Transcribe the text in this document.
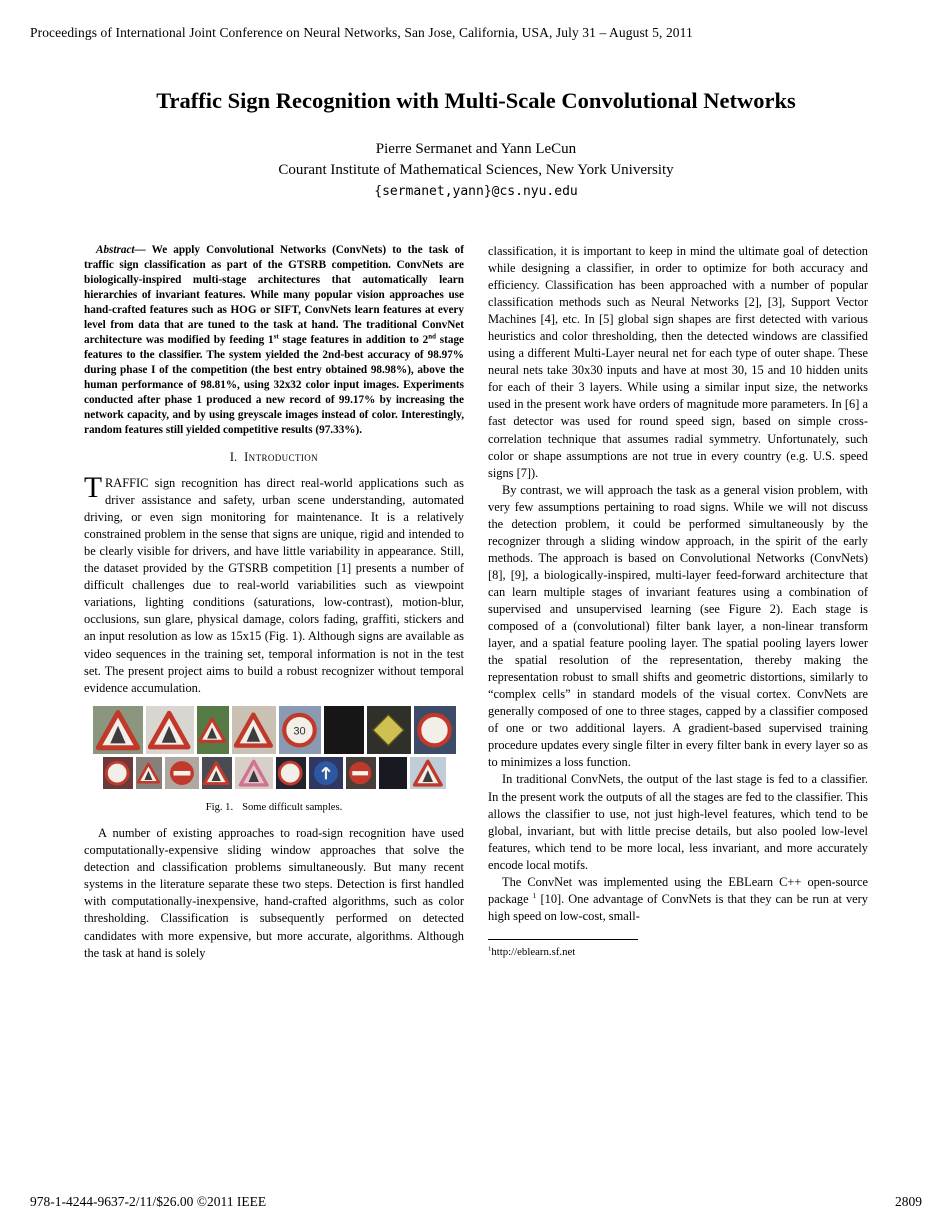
Proceedings of International Joint Conference on Neural Networks, San Jose, California, USA, July 31 – August 5, 2011
Traffic Sign Recognition with Multi-Scale Convolutional Networks
Pierre Sermanet and Yann LeCun
Courant Institute of Mathematical Sciences, New York University
{sermanet,yann}@cs.nyu.edu

Abstract— We apply Convolutional Networks (ConvNets) to the task of traffic sign classification as part of the GTSRB competition. ConvNets are biologically-inspired multi-stage architectures that automatically learn hierarchies of invariant features. While many popular vision approaches use hand-crafted features such as HOG or SIFT, ConvNets learn features at every level from data that are tuned to the task at hand. The traditional ConvNet architecture was modified by feeding 1st stage features in addition to 2nd stage features to the classifier. The system yielded the 2nd-best accuracy of 98.97% during phase I of the competition (the best entry obtained 98.98%), above the human performance of 98.81%, using 32x32 color input images. Experiments conducted after phase 1 produced a new record of 99.17% by increasing the network capacity, and by using greyscale images instead of color. Interestingly, random features still yielded competitive results (97.33%).

I. Introduction

TRAFFIC sign recognition has direct real-world applications such as driver assistance and safety, urban scene understanding, automated driving, or even sign monitoring for maintenance. It is a relatively constrained problem in the sense that signs are unique, rigid and intended to be clearly visible for drivers, and have little variability in appearance. Still, the dataset provided by the GTSRB competition [1] presents a number of difficult challenges due to real-world variabilities such as viewpoint variations, lighting conditions (saturations, low-contrast), motion-blur, occlusions, sun glare, physical damage, colors fading, graffiti, stickers and an input resolution as low as 15x15 (Fig. 1). Although signs are available as video sequences in the training set, temporal information is not in the test set. The present project aims to build a robust recognizer without temporal evidence accumulation.

30
Fig. 1. Some difficult samples.

A number of existing approaches to road-sign recognition have used computationally-expensive sliding window approaches that solve the detection and classification problems simultaneously. But many recent systems in the literature separate these two steps. Detection is first handled with computationally-inexpensive, hand-crafted algorithms, such as color thresholding. Classification is subsequently performed on detected candidates with more expensive, but more accurate, algorithms. Although the task at hand is solely

classification, it is important to keep in mind the ultimate goal of detection while designing a classifier, in order to optimize for both accuracy and efficiency. Classification has been approached with a number of popular classification methods such as Neural Networks [2], [3], Support Vector Machines [4], etc. In [5] global sign shapes are first detected with various heuristics and color thresholding, then the detected windows are classified using a different Multi-Layer neural net for each type of outer shape. These neural nets take 30x30 inputs and have at most 30, 15 and 10 hidden units for each of their 3 layers. While using a similar input size, the networks used in the present work have orders of magnitude more parameters. In [6] a fast detector was used for round speed sign, based on simple cross-correlation technique that assumes radial symmetry. Unfortunately, such color or shape assumptions are not true in every country (e.g. U.S. speed signs [7]).

By contrast, we will approach the task as a general vision problem, with very few assumptions pertaining to road signs. While we will not discuss the detection problem, it could be performed simultaneously by the recognizer through a sliding window approach, in the spirit of the early methods. The approach is based on Convolutional Networks (ConvNets) [8], [9], a biologically-inspired, multi-layer feed-forward architecture that can learn multiple stages of invariant features using a combination of supervised and unsupervised learning (see Figure 2). Each stage is composed of a (convolutional) filter bank layer, a non-linear transform layer, and a spatial feature pooling layer. The spatial pooling layers lower the spatial resolution of the representation, thereby making the representation robust to small shifts and geometric distortions, similarly to “complex cells” in standard models of the visual cortex. ConvNets are generally composed of one to three stages, capped by a classifier composed of one or two additional layers. A gradient-based supervised training procedure updates every single filter in every filter bank in every layer so as to minimizes a loss function.

In traditional ConvNets, the output of the last stage is fed to a classifier. In the present work the outputs of all the stages are fed to the classifier. This allows the classifier to use, not just high-level features, which tend to be global, invariant, but with little precise details, but also pooled low-level features, which tend to be more local, less invariant, and more accurately encode local motifs.

The ConvNet was implemented using the EBLearn C++ open-source package $^1$ [10]. One advantage of ConvNets is that they can be run at very high speed on low-cost, small-

$^1$http://eblearn.sf.net
978-1-4244-9637-2/11/$26.00 ©2011 IEEE	2809
